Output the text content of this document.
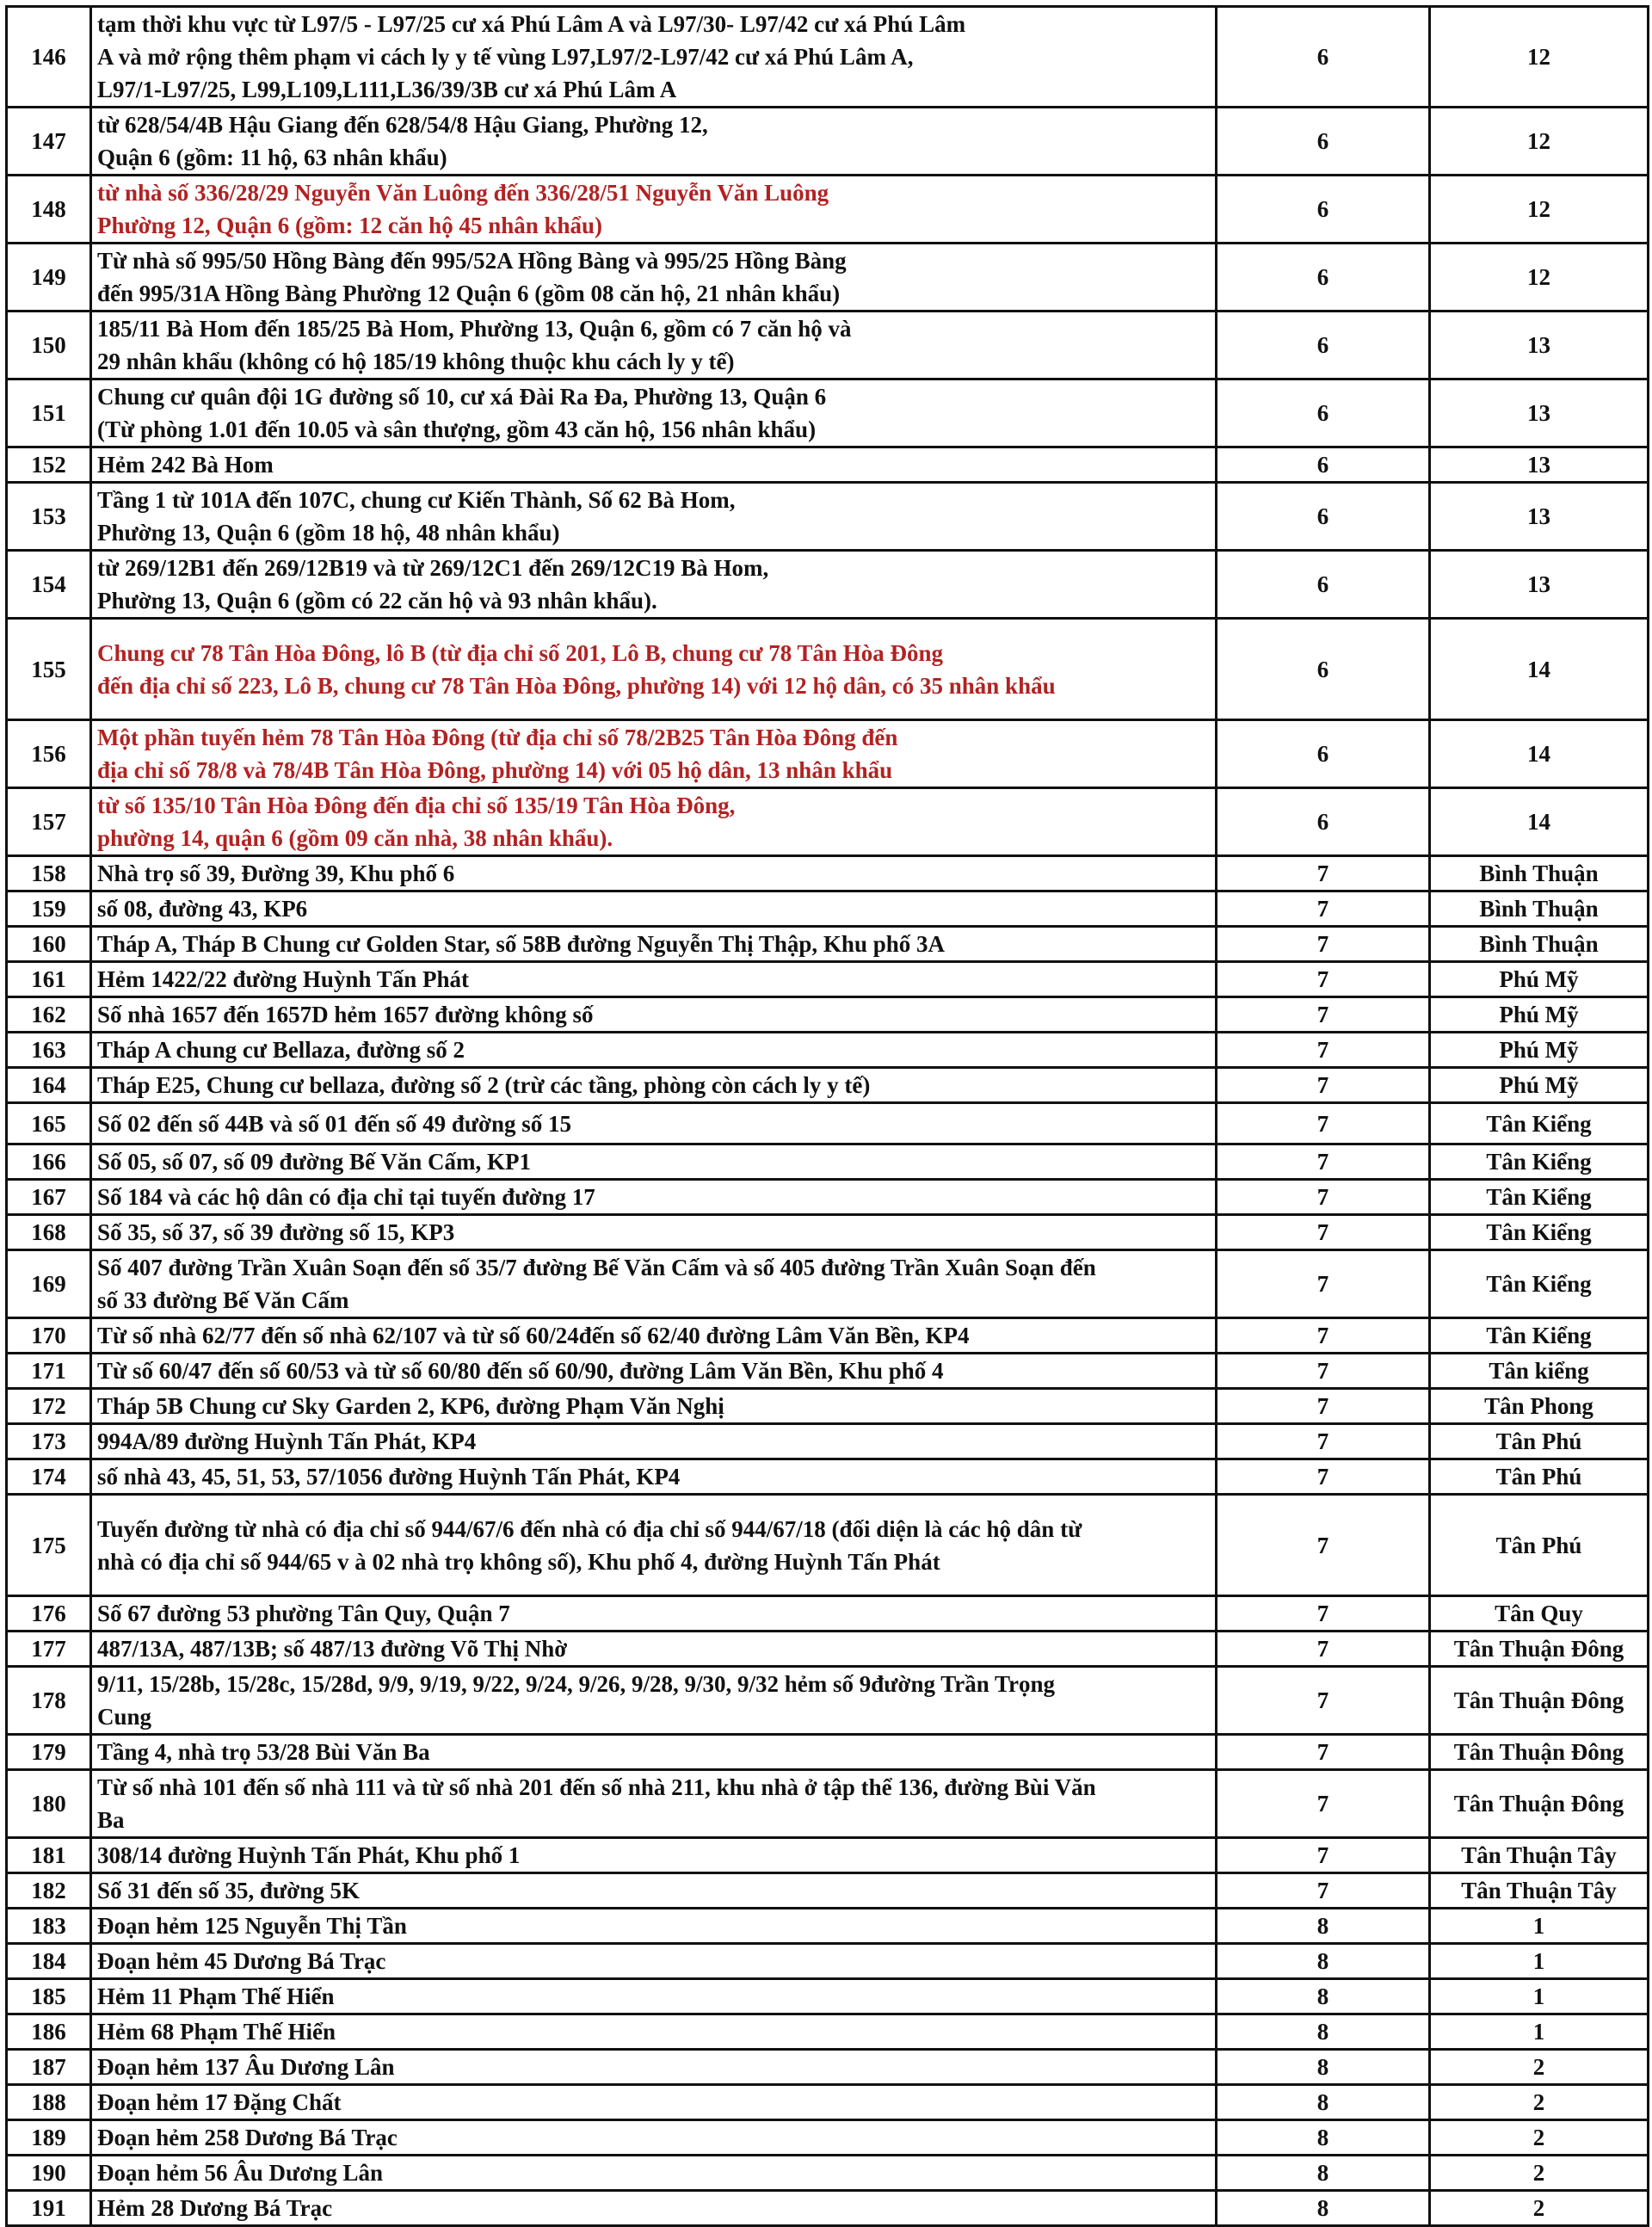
146	tạm thời khu vực từ L97/5 - L97/25 cư xá Phú Lâm A và L97/30- L97/42 cư xá Phú Lâm
A và mở rộng thêm phạm vi cách ly y tế vùng L97,L97/2-L97/42 cư xá Phú Lâm A,
L97/1-L97/25, L99,L109,L111,L36/39/3B cư xá Phú Lâm A	6	12
147	từ 628/54/4B Hậu Giang đến 628/54/8 Hậu Giang, Phường 12,
Quận 6 (gồm: 11 hộ, 63 nhân khẩu)	6	12
148	từ nhà số 336/28/29 Nguyễn Văn Luông đến 336/28/51 Nguyễn Văn Luông
Phường 12, Quận 6 (gồm: 12 căn hộ 45 nhân khẩu)	6	12
149	Từ nhà số 995/50 Hồng Bàng đến 995/52A Hồng Bàng và 995/25 Hồng Bàng
đến 995/31A Hồng Bàng Phường 12 Quận 6 (gồm 08 căn hộ, 21 nhân khẩu)	6	12
150	185/11 Bà Hom đến 185/25 Bà Hom, Phường 13, Quận 6, gồm có 7 căn hộ và
29 nhân khẩu (không có hộ 185/19 không thuộc khu cách ly y tế)	6	13
151	Chung cư quân đội 1G đường số 10, cư xá Đài Ra Đa, Phường 13, Quận 6
(Từ phòng 1.01 đến 10.05 và sân thượng, gồm 43 căn hộ, 156 nhân khẩu)	6	13
152	Hẻm 242 Bà Hom	6	13
153	Tầng 1 từ 101A đến 107C, chung cư Kiến Thành, Số 62 Bà Hom,
Phường 13, Quận 6 (gồm 18 hộ, 48 nhân khẩu)	6	13
154	từ 269/12B1 đến 269/12B19 và từ 269/12C1 đến 269/12C19 Bà Hom,
Phường 13, Quận 6 (gồm có 22 căn hộ và 93 nhân khẩu).	6	13
155	Chung cư 78 Tân Hòa Đông, lô B (từ địa chỉ số 201, Lô B, chung cư 78 Tân Hòa Đông
đến địa chỉ số 223, Lô B, chung cư 78 Tân Hòa Đông, phường 14) với 12 hộ dân, có 35 nhân khẩu	6	14
156	Một phần tuyến hẻm 78 Tân Hòa Đông (từ địa chỉ số 78/2B25 Tân Hòa Đông đến
địa chỉ số 78/8 và 78/4B Tân Hòa Đông, phường 14) với 05 hộ dân, 13 nhân khẩu	6	14
157	từ số 135/10 Tân Hòa Đông đến địa chỉ số 135/19 Tân Hòa Đông,
phường 14, quận 6 (gồm 09 căn nhà, 38 nhân khẩu).	6	14
158	Nhà trọ số 39, Đường 39, Khu phố 6	7	Bình Thuận
159	số 08, đường 43, KP6	7	Bình Thuận
160	Tháp A, Tháp B Chung cư Golden Star, số 58B đường Nguyễn Thị Thập, Khu phố 3A	7	Bình Thuận
161	Hẻm 1422/22 đường Huỳnh Tấn Phát	7	Phú Mỹ
162	Số nhà 1657 đến 1657D hẻm 1657 đường không số	7	Phú Mỹ
163	Tháp A chung cư Bellaza, đường số 2	7	Phú Mỹ
164	Tháp E25, Chung cư bellaza, đường số 2 (trừ các tầng, phòng còn cách ly y tế)	7	Phú Mỹ
165	Số 02 đến số 44B và số 01 đến số 49 đường số 15	7	Tân Kiểng
166	Số 05, số 07, số 09 đường Bế Văn Cấm, KP1	7	Tân Kiểng
167	Số 184 và các hộ dân có địa chỉ tại tuyến đường 17	7	Tân Kiểng
168	Số 35, số 37, số 39 đường số 15, KP3	7	Tân Kiểng
169	Số 407 đường Trần Xuân Soạn đến số 35/7 đường Bế Văn Cấm và số 405 đường Trần Xuân Soạn đến
số 33 đường Bế Văn Cấm	7	Tân Kiểng
170	Từ số nhà 62/77 đến số nhà 62/107 và từ số 60/24đến số 62/40 đường Lâm Văn Bền, KP4	7	Tân Kiểng
171	Từ số 60/47 đến số 60/53 và từ số 60/80 đến số 60/90, đường Lâm Văn Bền, Khu phố 4	7	Tân kiểng
172	Tháp 5B Chung cư Sky Garden 2, KP6, đường Phạm Văn Nghị	7	Tân Phong
173	994A/89 đường Huỳnh Tấn Phát, KP4	7	Tân Phú
174	số nhà 43, 45, 51, 53, 57/1056 đường Huỳnh Tấn Phát, KP4	7	Tân Phú
175	Tuyến đường từ nhà có địa chỉ số 944/67/6 đến nhà có địa chỉ số 944/67/18 (đối diện là các hộ dân từ
nhà có địa chỉ số 944/65 v à 02 nhà trọ không số), Khu phố 4, đường Huỳnh Tấn Phát	7	Tân Phú
176	Số 67 đường 53 phường Tân Quy, Quận 7	7	Tân Quy
177	487/13A, 487/13B; số 487/13 đường Võ Thị Nhờ	7	Tân Thuận Đông
178	9/11, 15/28b, 15/28c, 15/28d, 9/9, 9/19, 9/22, 9/24, 9/26, 9/28, 9/30, 9/32 hẻm số 9đường Trần Trọng
Cung	7	Tân Thuận Đông
179	Tầng 4, nhà trọ 53/28 Bùi Văn Ba	7	Tân Thuận Đông
180	Từ số nhà 101 đến số nhà 111 và từ số nhà 201 đến số nhà 211, khu nhà ở tập thể 136, đường Bùi Văn
Ba	7	Tân Thuận Đông
181	308/14 đường Huỳnh Tấn Phát, Khu phố 1	7	Tân Thuận Tây
182	Số 31 đến số 35, đường 5K	7	Tân Thuận Tây
183	Đoạn hẻm 125 Nguyễn Thị Tần	8	1
184	Đoạn hẻm 45 Dương Bá Trạc	8	1
185	Hẻm 11 Phạm Thế Hiển	8	1
186	Hẻm 68 Phạm Thế Hiển	8	1
187	Đoạn hẻm 137 Âu Dương Lân	8	2
188	Đoạn hẻm 17 Đặng Chất	8	2
189	Đoạn hẻm 258 Dương Bá Trạc	8	2
190	Đoạn hẻm 56 Âu Dương Lân	8	2
191	Hẻm 28 Dương Bá Trạc	8	2
